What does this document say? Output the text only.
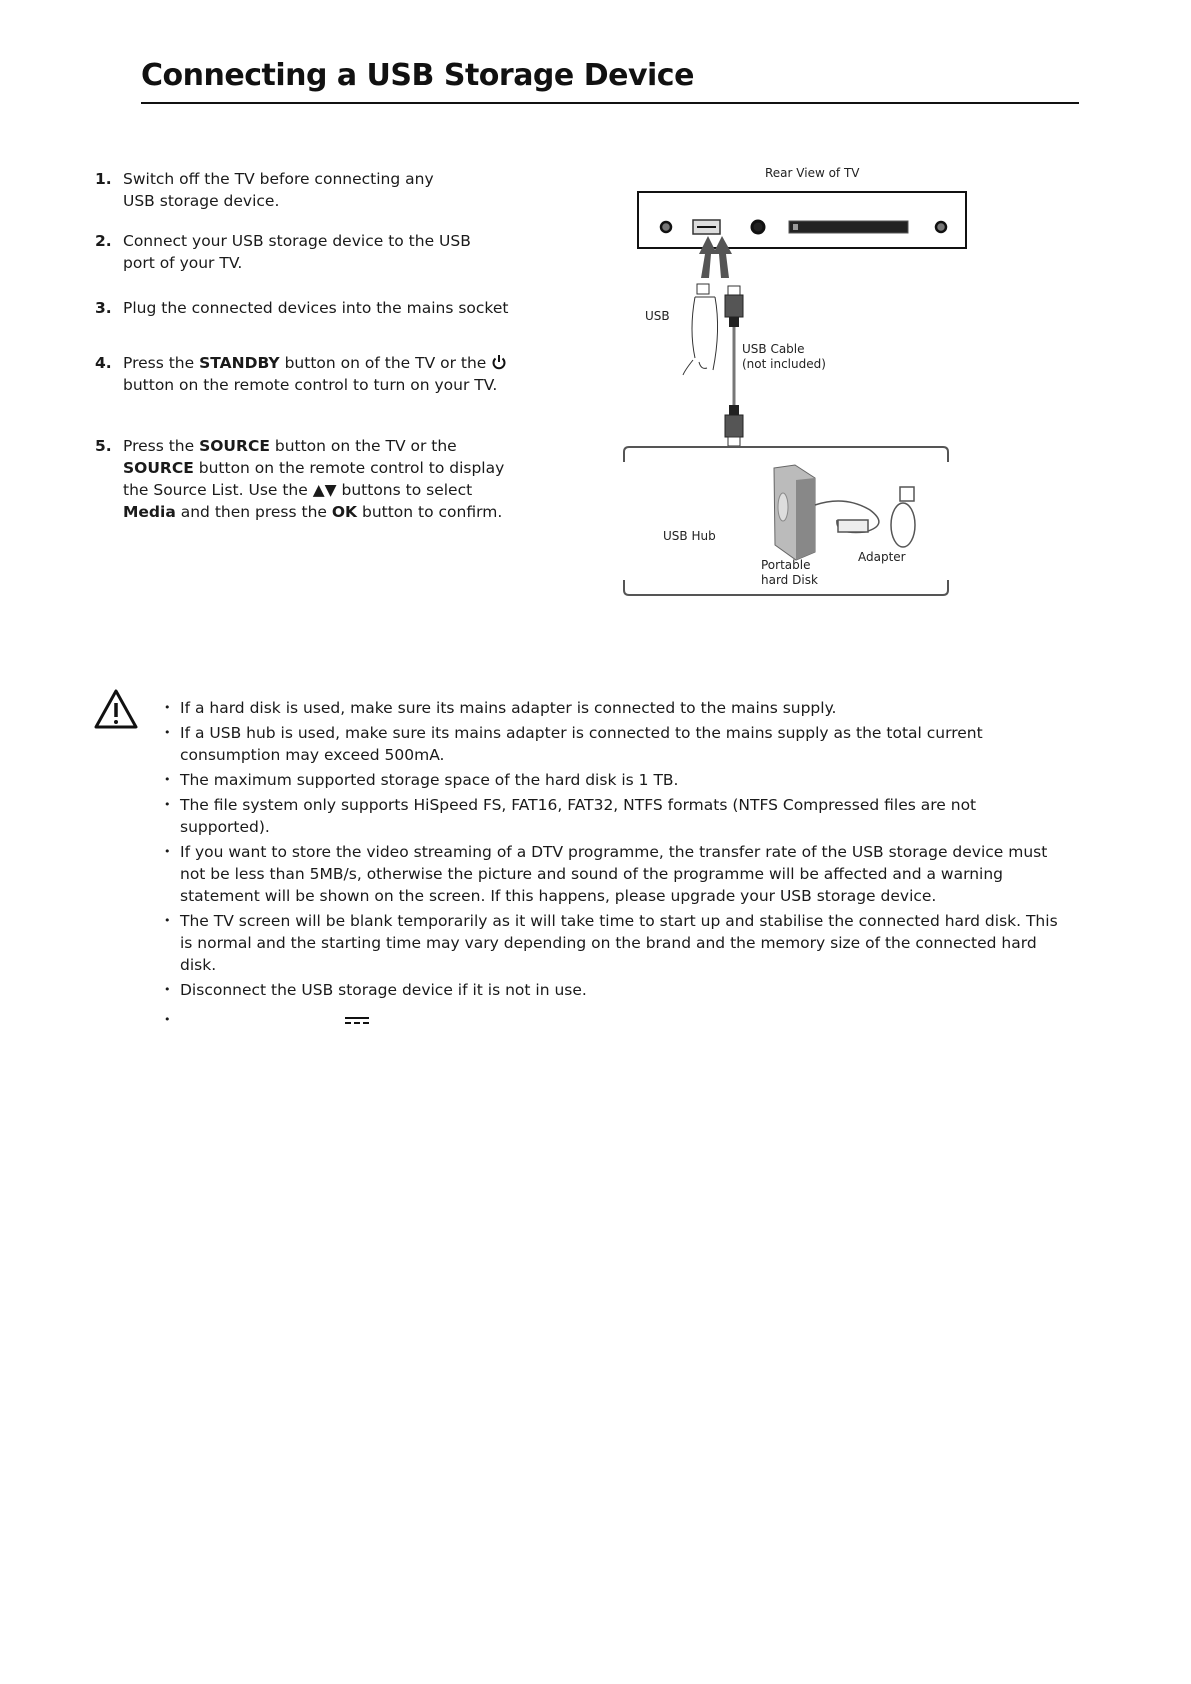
Connecting a USB Storage Device
1. Switch off the TV before connecting any USB storage device.
2. Connect your USB storage device to the USB port of your TV.
3. Plug the connected devices into the mains socket
4. Press the STANDBY button on of the TV or the  button on the remote control to turn on your TV.
5. Press the SOURCE button on the TV or the SOURCE button on the remote control to display the Source List. Use the ▲▼ buttons to select Media and then press the OK button to confirm.
Rear View of TV
USB
USB Cable
(not included)
USB Hub
Portable
hard Disk
Adapter
• If a hard disk is used, make sure its mains adapter is connected to the mains supply.
• If a USB hub is used, make sure its mains adapter is connected to the mains supply as the total current consumption may exceed 500mA.
• The maximum supported storage space of the hard disk is 1 TB.
• The file system only supports HiSpeed FS, FAT16, FAT32, NTFS formats (NTFS Compressed files are not supported).
• If you want to store the video streaming of a DTV programme, the transfer rate of the USB storage device must not be less than 5MB/s, otherwise the picture and sound of the programme will be affected and a warning statement will be shown on the screen. If this happens, please upgrade your USB storage device.
• The TV screen will be blank temporarily as it will take time to start up and stabilise the connected hard disk. This is normal and the starting time may vary depending on the brand and the memory size of the connected hard disk.
• Disconnect the USB storage device if it is not in use.
•
